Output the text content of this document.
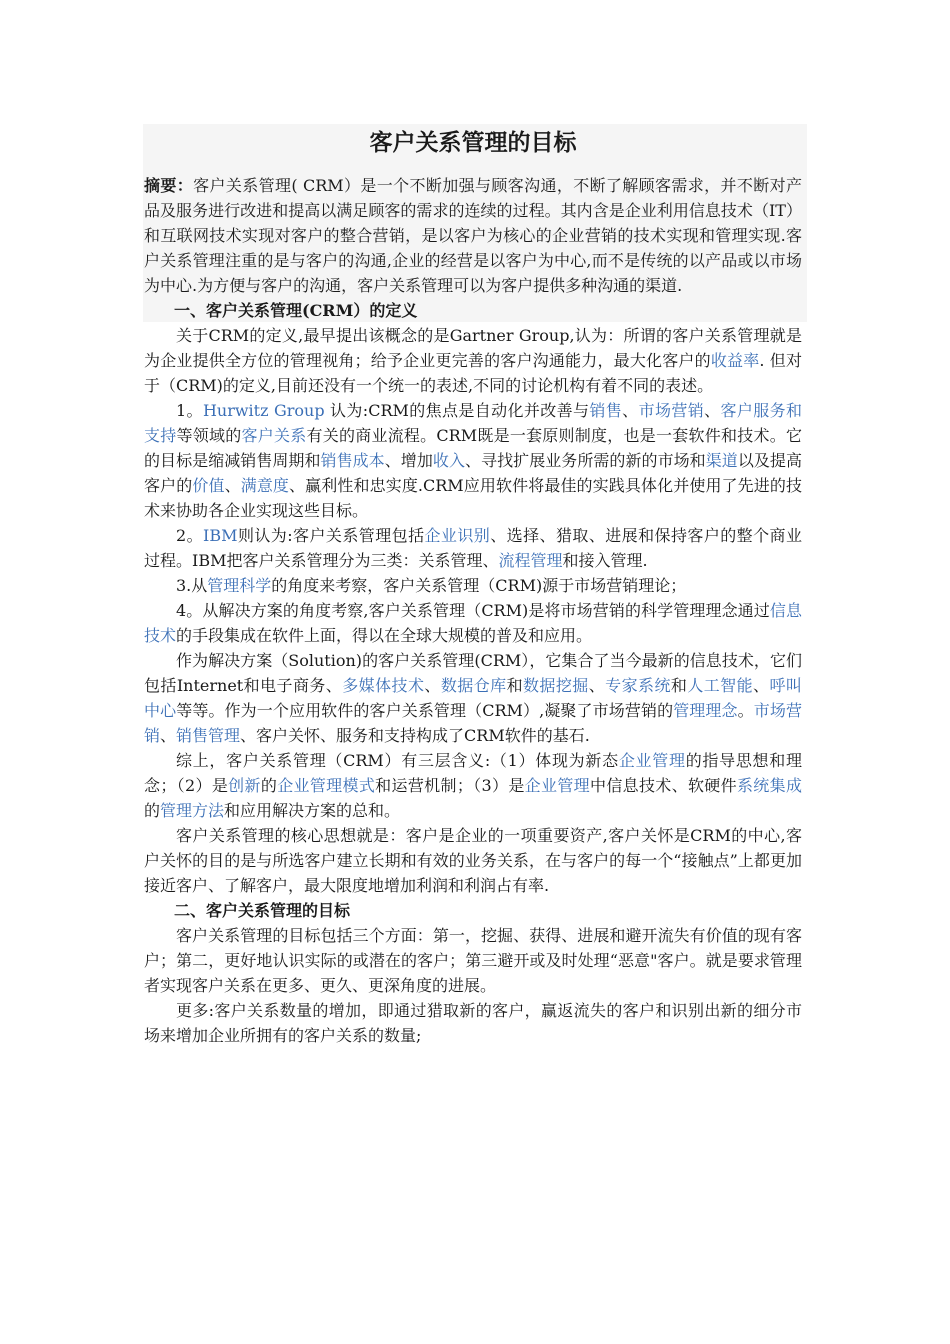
客户关系管理的目标

摘要：客户关系管理( CRM）是一个不断加强与顾客沟通，不断了解顾客需求，并不断对产品及服务进行改进和提高以满足顾客的需求的连续的过程。其内含是企业利用信息技术（IT）和互联网技术实现对客户的整合营销，是以客户为核心的企业营销的技术实现和管理实现.客户关系管理注重的是与客户的沟通,企业的经营是以客户为中心,而不是传统的以产品或以市场为中心.为方便与客户的沟通，客户关系管理可以为客户提供多种沟通的渠道.

一、客户关系管理(CRM）的定义

关于CRM的定义,最早提出该概念的是Gartner Group,认为：所谓的客户关系管理就是为企业提供全方位的管理视角；给予企业更完善的客户沟通能力，最大化客户的收益率. 但对于（CRM)的定义,目前还没有一个统一的表述,不同的讨论机构有着不同的表述。

1。Hurwitz Group 认为:CRM的焦点是自动化并改善与销售、市场营销、客户服务和支持等领域的客户关系有关的商业流程。CRM既是一套原则制度，也是一套软件和技术。它的目标是缩减销售周期和销售成本、增加收入、寻找扩展业务所需的新的市场和渠道以及提高客户的价值、满意度、赢利性和忠实度.CRM应用软件将最佳的实践具体化并使用了先进的技术来协助各企业实现这些目标。

2。IBM则认为:客户关系管理包括企业识别、选择、猎取、进展和保持客户的整个商业过程。IBM把客户关系管理分为三类：关系管理、流程管理和接入管理.

3.从管理科学的角度来考察，客户关系管理（CRM)源于市场营销理论；

4。从解决方案的角度考察,客户关系管理（CRM)是将市场营销的科学管理理念通过信息技术的手段集成在软件上面，得以在全球大规模的普及和应用。

作为解决方案（Solution)的客户关系管理(CRM），它集合了当今最新的信息技术，它们包括Internet和电子商务、多媒体技术、数据仓库和数据挖掘、专家系统和人工智能、呼叫中心等等。作为一个应用软件的客户关系管理（CRM）,凝聚了市场营销的管理理念。市场营销、销售管理、客户关怀、服务和支持构成了CRM软件的基石.

综上，客户关系管理（CRM）有三层含义:（1）体现为新态企业管理的指导思想和理念；（2）是创新的企业管理模式和运营机制；（3）是企业管理中信息技术、软硬件系统集成的管理方法和应用解决方案的总和。

客户关系管理的核心思想就是：客户是企业的一项重要资产,客户关怀是CRM的中心,客户关怀的目的是与所选客户建立长期和有效的业务关系，在与客户的每一个“接触点”上都更加接近客户、了解客户，最大限度地增加利润和利润占有率.

二、客户关系管理的目标

客户关系管理的目标包括三个方面：第一，挖掘、获得、进展和避开流失有价值的现有客户；第二，更好地认识实际的或潜在的客户；第三避开或及时处理“恶意"客户。就是要求管理者实现客户关系在更多、更久、更深角度的进展。

更多:客户关系数量的增加，即通过猎取新的客户，赢返流失的客户和识别出新的细分市场来增加企业所拥有的客户关系的数量;
